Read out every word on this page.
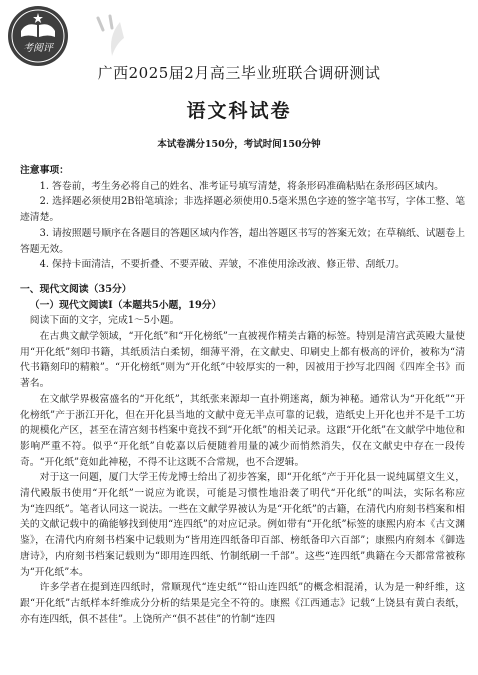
考阅评
广西2025届2月高三毕业班联合调研测试
语文科试卷
本试卷满分150分，考试时间150分钟

注意事项：

1. 答卷前，考生务必将自己的姓名、准考证号填写清楚，将条形码准确粘贴在条形码区域内。

2. 选择题必须使用2B铅笔填涂；非选择题必须使用0.5毫米黑色字迹的签字笔书写，字体工整、笔迹清楚。

3. 请按照题号顺序在各题目的答题区域内作答，超出答题区书写的答案无效；在草稿纸、试题卷上答题无效。

4. 保持卡面清洁，不要折叠、不要弄破、弄皱，不准使用涂改液、修正带、刮纸刀。

一、现代文阅读（35分）

（一）现代文阅读Ⅰ（本题共5小题，19分）

阅读下面的文字，完成1～5小题。

在古典文献学领域，“开化纸”和“开化榜纸”一直被视作精美古籍的标签。特别是清宫武英殿大量使用“开化纸”刻印书籍，其纸质洁白柔韧，细薄平滑，在文献史、印刷史上都有极高的评价，被称为“清代书籍刻印的精粮”。“开化榜纸”则为“开化纸”中较厚实的一种，因被用于抄写北四阁《四库全书》而著名。

在文献学界极富盛名的“开化纸”，其纸张来源却一直扑朔迷离，颇为神秘。通常认为“开化纸”“开化榜纸”产于浙江开化，但在开化县当地的文献中竟无半点可靠的记载，造纸史上开化也并不是千工坊的规模化产区，甚至在清宫刻书档案中竟找不到“开化纸”的相关记录。这跟“开化纸”在文献学中地位和影响严重不符。似乎“开化纸”自乾嘉以后便随着用量的减少而悄然消失，仅在文献史中存在一段传奇。“开化纸”竟如此神秘，不得不让这既不合常规，也不合逻辑。

对于这一问题，厦门大学王传龙博士给出了初步答案，即“开化纸”产于开化县一说纯属望文生义，清代殿版书使用“开化纸”一说应为讹误，可能是习惯性地沿袭了明代“开化纸”的叫法，实际名称应为“连四纸”。笔者认同这一说法。一些在文献学界被认为是“开化纸”的古籍，在清代内府刻书档案和相关的文献记载中的确能够找到使用“连四纸”的对应记录。例如带有“开化纸”标签的康熙内府本《古文渊鉴》，在清代内府刻书档案中记载则为“皆用连四纸备印百部、榜纸备印六百部”；康熙内府刻本《御选唐诗》，内府刻书档案记载则为“即用连四纸、竹制纸刷一千部”。这些“连四纸”典籍在今天都常常被称为“开化纸”本。

许多学者在提到连四纸时，常顺现代“连史纸”“铅山连四纸”的概念相混淆，认为是一种纤维，这跟“开化纸”古纸样本纤维成分分析的结果是完全不符的。康熙《江西通志》记载“上饶县有黄白表纸，亦有连四纸，俱不甚佳”。上饶所产“俱不甚佳”的竹制“连四
